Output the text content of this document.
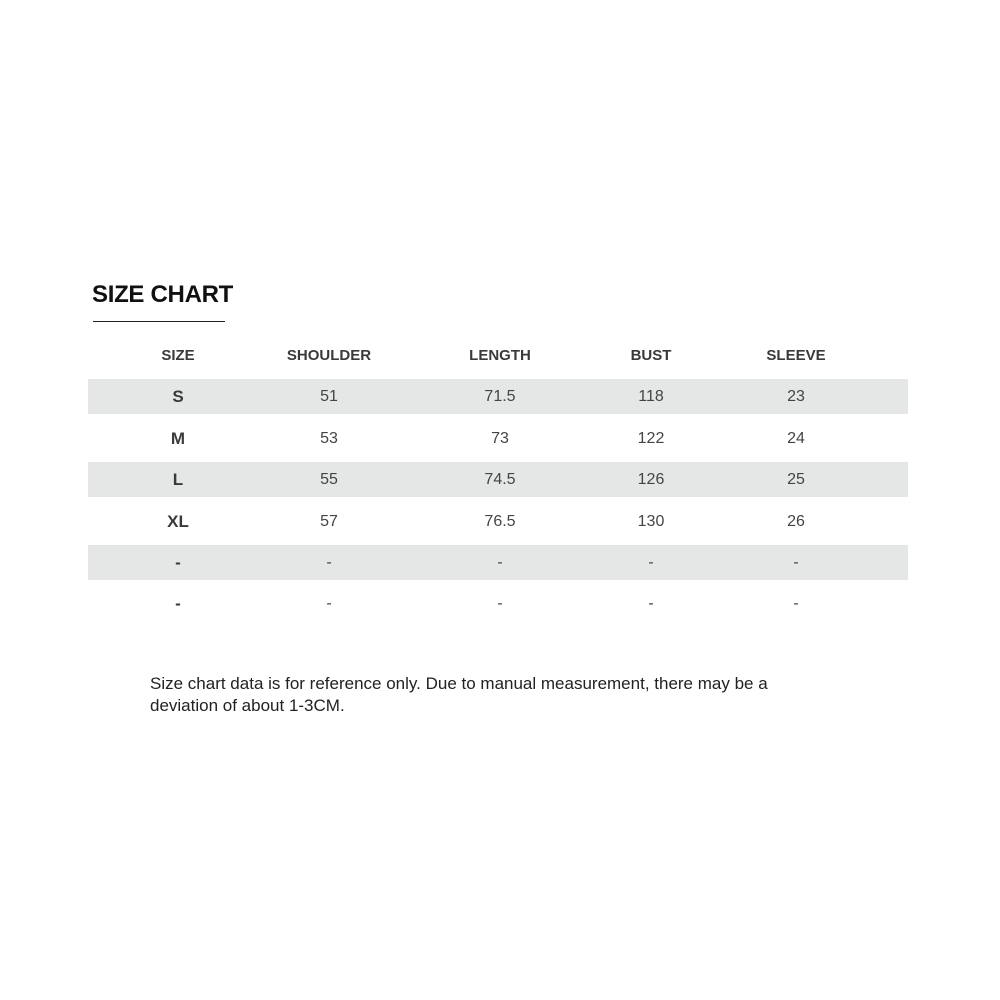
SIZE CHART
SIZE	SHOULDER	LENGTH	BUST	SLEEVE
S	51	71.5	118	23
M	53	73	122	24
L	55	74.5	126	25
XL	57	76.5	130	26
-	-	-	-	-
-	-	-	-	-
Size chart data is for reference only. Due to manual measurement, there may be a deviation of about 1-3CM.
